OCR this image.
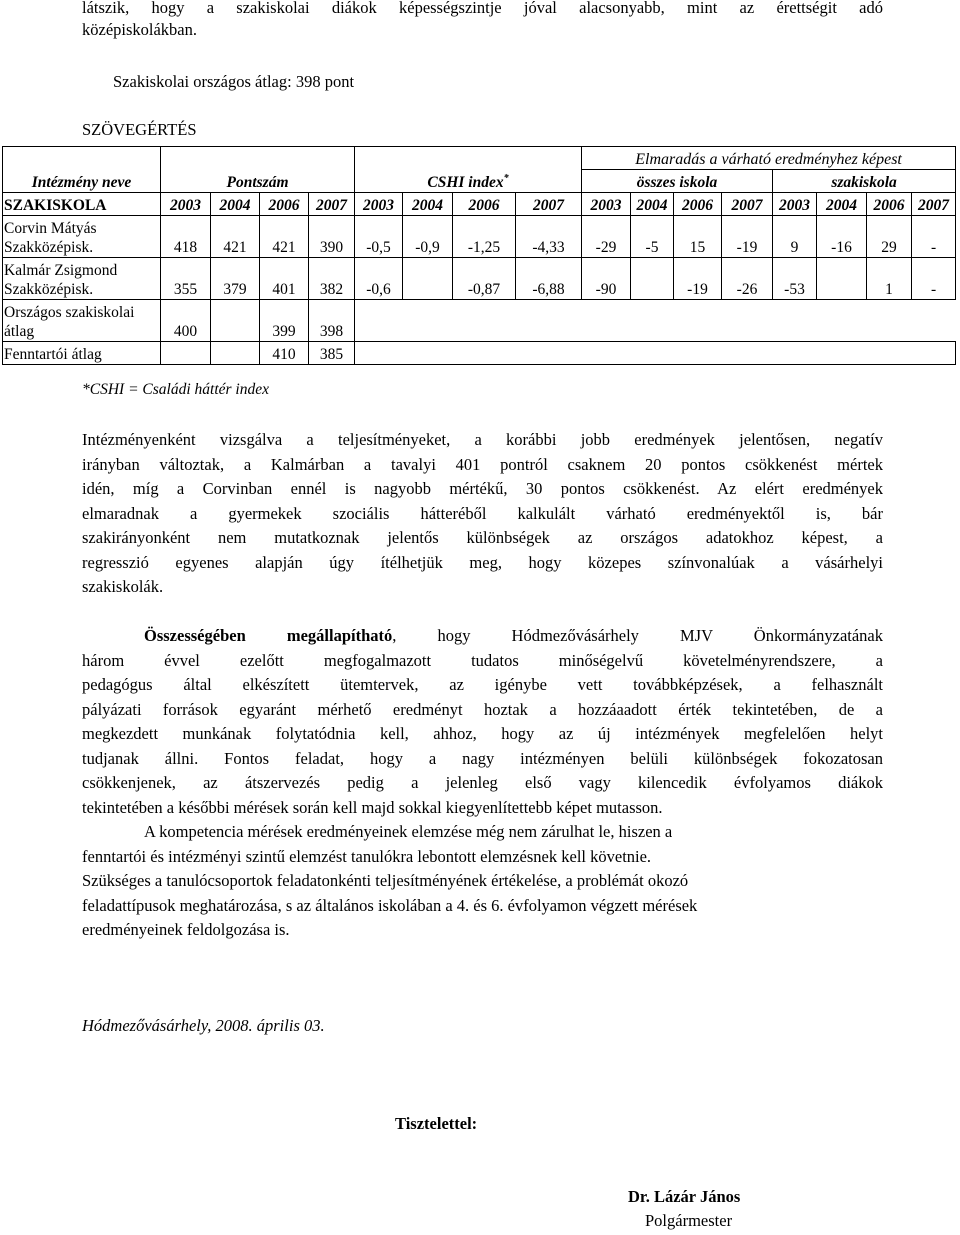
látszik, hogy a szakiskolai diákok képességszintje jóval alacsonyabb, mint az érettségit adó
középiskolákban.
Szakiskolai országos átlag: 398 pont
SZÖVEGÉRTÉS
									Elmaradás a várható eredményhez képest							
Intézmény neve	Pontszám				CSHI index*				összes iskola				szakiskola			
SZAKISKOLA	2003	2004	2006	2007	2003	2004	2006	2007	2003	2004	2006	2007	2003	2004	2006	2007
Corvin Mátyás Szakközépisk.	418	421	421	390	-0,5	-0,9	-1,25	-4,33	-29	-5	15	-19	9	-16	29	-
Kalmár Zsigmond Szakközépisk.	355	379	401	382	-0,6		-0,87	-6,88	-90		-19	-26	-53		1	-
Országos szakiskolai átlag	400		399	398												
Fenntartói átlag			410	385												
*CSHI = Családi háttér index
Intézményenként vizsgálva a teljesítményeket, a korábbi jobb eredmények jelentősen, negatív
irányban változtak, a Kalmárban a tavalyi 401 pontról csaknem 20 pontos csökkenést mértek
idén, míg a Corvinban ennél is nagyobb mértékű, 30 pontos csökkenést. Az elért eredmények
elmaradnak a gyermekek szociális hátteréből kalkulált várható eredményektől is, bár
szakirányonként nem mutatkoznak jelentős különbségek az országos adatokhoz képest, a
regresszió egyenes alapján úgy ítélhetjük meg, hogy közepes színvonalúak a vásárhelyi
szakiskolák.
Összességében megállapítható, hogy Hódmezővásárhely MJV Önkormányzatának
három évvel ezelőtt megfogalmazott tudatos minőségelvű követelményrendszere, a
pedagógus által elkészített ütemtervek, az igénybe vett továbbképzések, a felhasznált
pályázati források egyaránt mérhető eredményt hoztak a hozzáaadott érték tekintetében, de a
megkezdett munkának folytatódnia kell, ahhoz, hogy az új intézmények megfelelően helyt
tudjanak állni. Fontos feladat, hogy a nagy intézményen belüli különbségek fokozatosan
csökkenjenek, az átszervezés pedig a jelenleg első vagy kilencedik évfolyamos diákok
tekintetében a későbbi mérések során kell majd sokkal kiegyenlítettebb képet mutasson.
A kompetencia mérések eredményeinek elemzése még nem zárulhat le, hiszen a
fenntartói és intézményi szintű elemzést tanulókra lebontott elemzésnek kell követnie.
Szükséges a tanulócsoportok feladatonkénti teljesítményének értékelése, a problémát okozó
feladattípusok meghatározása, s az általános iskolában a 4. és 6. évfolyamon végzett mérések
eredményeinek feldolgozása is.
Hódmezővásárhely, 2008. április 03.
Tisztelettel:
Dr. Lázár János
Polgármester
